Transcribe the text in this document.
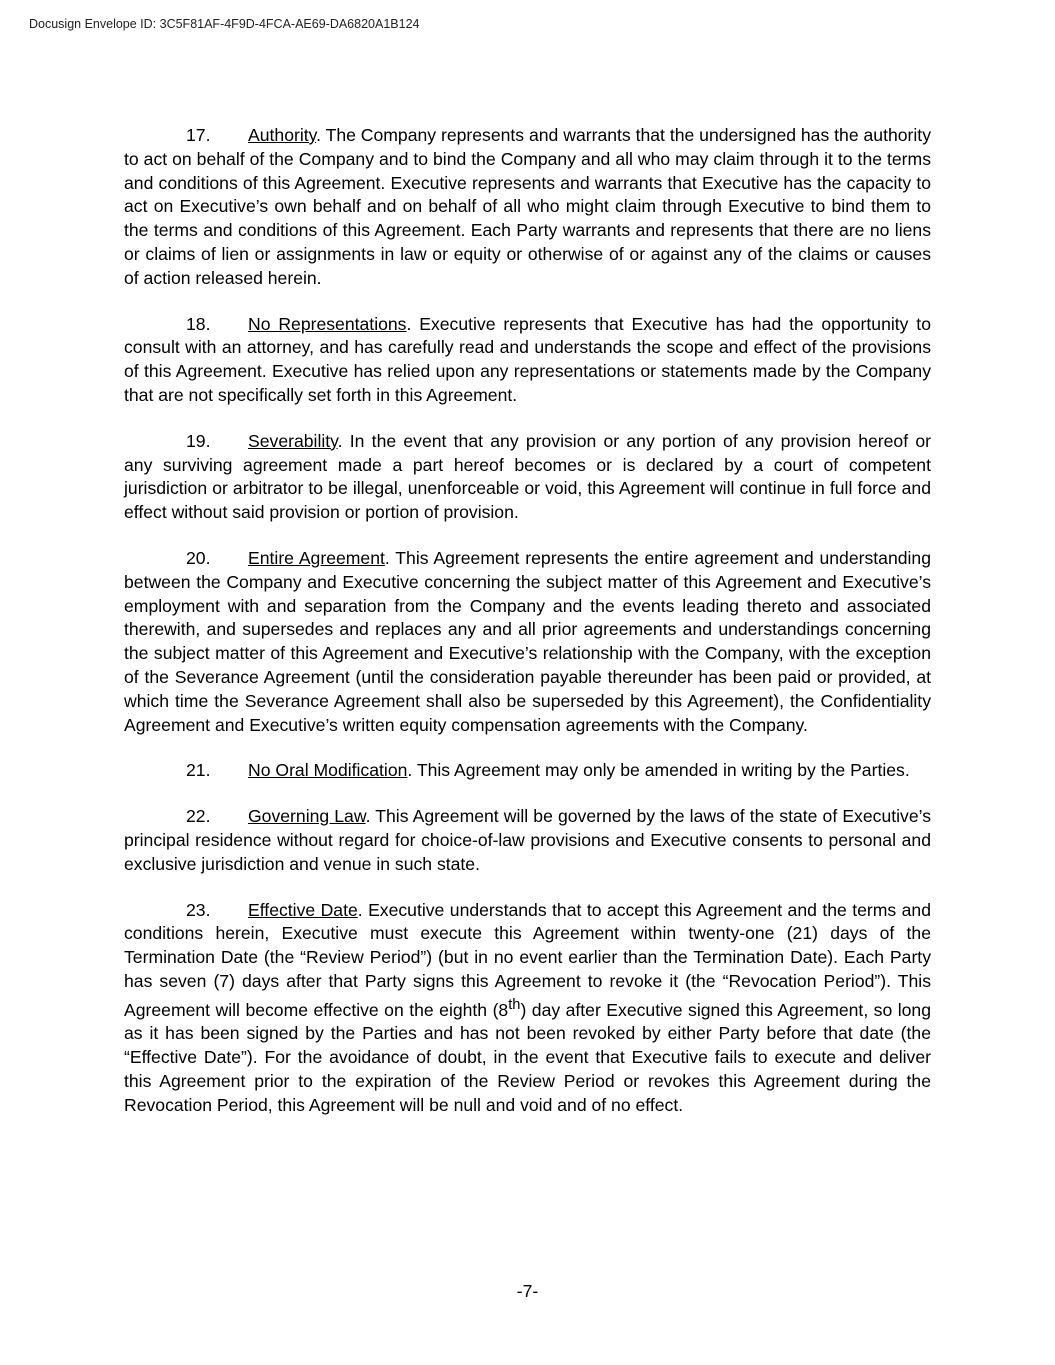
Docusign Envelope ID: 3C5F81AF-4F9D-4FCA-AE69-DA6820A1B124

17. Authority. The Company represents and warrants that the undersigned has the authority to act on behalf of the Company and to bind the Company and all who may claim through it to the terms and conditions of this Agreement. Executive represents and warrants that Executive has the capacity to act on Executive’s own behalf and on behalf of all who might claim through Executive to bind them to the terms and conditions of this Agreement. Each Party warrants and represents that there are no liens or claims of lien or assignments in law or equity or otherwise of or against any of the claims or causes of action released herein.

18. No Representations. Executive represents that Executive has had the opportunity to consult with an attorney, and has carefully read and understands the scope and effect of the provisions of this Agreement. Executive has relied upon any representations or statements made by the Company that are not specifically set forth in this Agreement.

19. Severability. In the event that any provision or any portion of any provision hereof or any surviving agreement made a part hereof becomes or is declared by a court of competent jurisdiction or arbitrator to be illegal, unenforceable or void, this Agreement will continue in full force and effect without said provision or portion of provision.

20. Entire Agreement. This Agreement represents the entire agreement and understanding between the Company and Executive concerning the subject matter of this Agreement and Executive’s employment with and separation from the Company and the events leading thereto and associated therewith, and supersedes and replaces any and all prior agreements and understandings concerning the subject matter of this Agreement and Executive’s relationship with the Company, with the exception of the Severance Agreement (until the consideration payable thereunder has been paid or provided, at which time the Severance Agreement shall also be superseded by this Agreement), the Confidentiality Agreement and Executive’s written equity compensation agreements with the Company.

21. No Oral Modification. This Agreement may only be amended in writing by the Parties.

22. Governing Law. This Agreement will be governed by the laws of the state of Executive’s principal residence without regard for choice-of-law provisions and Executive consents to personal and exclusive jurisdiction and venue in such state.

23. Effective Date. Executive understands that to accept this Agreement and the terms and conditions herein, Executive must execute this Agreement within twenty-one (21) days of the Termination Date (the “Review Period”) (but in no event earlier than the Termination Date). Each Party has seven (7) days after that Party signs this Agreement to revoke it (the “Revocation Period”). This Agreement will become effective on the eighth (8th) day after Executive signed this Agreement, so long as it has been signed by the Parties and has not been revoked by either Party before that date (the “Effective Date”). For the avoidance of doubt, in the event that Executive fails to execute and deliver this Agreement prior to the expiration of the Review Period or revokes this Agreement during the Revocation Period, this Agreement will be null and void and of no effect.

-7-
